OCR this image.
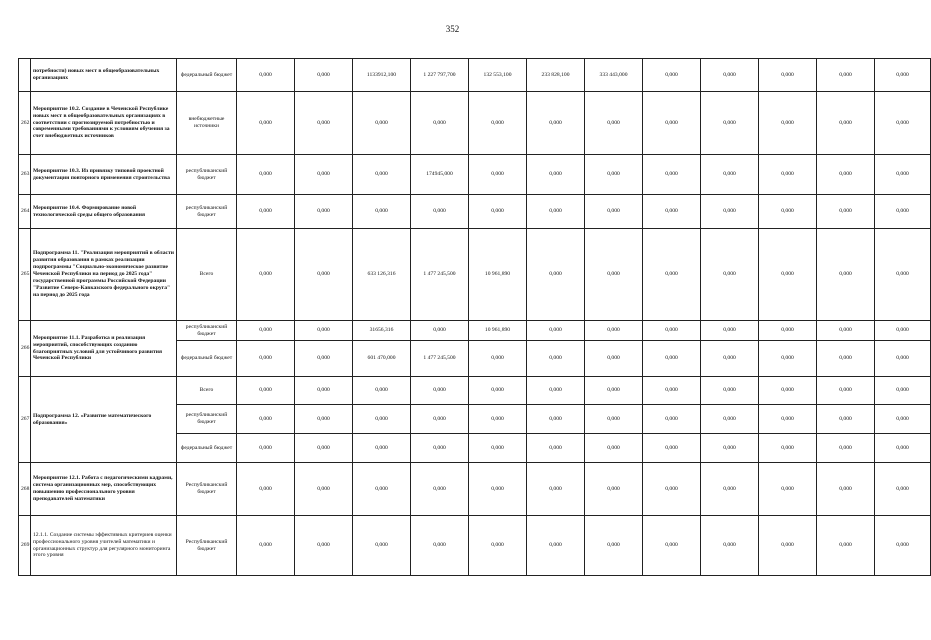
352
	потребности) новых мест в общеобразовательных организациях	федеральный бюджет	0,000	0,000	1133912,100	1 227 797,700	132 553,100	233 828,100	333 443,000	0,000	0,000	0,000	0,000	0,000
262	Мероприятие 10.2. Создание в Чеченской Республике новых мест в общеобразовательных организациях в соответствии с прогнозируемой потребностью и современными требованиями к условиям обучения за счет внебюджетных источников	внебюджетные источники	0,000	0,000	0,000	0,000	0,000	0,000	0,000	0,000	0,000	0,000	0,000	0,000
263	Мероприятие 10.3. Из привязку типовой проектной документации повторного применения строительства	республиканский бюджет	0,000	0,000	0,000	174945,000	0,000	0,000	0,000	0,000	0,000	0,000	0,000	0,000
264	Мероприятие 10.4. Формирование новой технологической среды общего образования	республиканский бюджет	0,000	0,000	0,000	0,000	0,000	0,000	0,000	0,000	0,000	0,000	0,000	0,000
265	Подпрограмма 11. "Реализация мероприятий в области развития образования в рамках реализации подпрограммы "Социально-экономическое развитие Чеченской Республики на период до 2025 года" государственной программы Российской Федерации "Развитие Северо-Кавказского федерального округа" на период до 2025 года	Всего	0,000	0,000	633 126,316	1 477 245,500	10 961,890	0,000	0,000	0,000	0,000	0,000	0,000	0,000
266	Мероприятие 11.1. Разработка и реализация мероприятий, способствующих созданию благоприятных условий для устойчивого развития Чеченской Республики	республиканский бюджет	0,000	0,000	31656,316	0,000	10 961,890	0,000	0,000	0,000	0,000	0,000	0,000	0,000
		федеральный бюджет	0,000	0,000	601 470,000	1 477 245,500	0,000	0,000	0,000	0,000	0,000	0,000	0,000	0,000
267	Подпрограмма 12. «Развитие математического образования»	Всего	0,000	0,000	0,000	0,000	0,000	0,000	0,000	0,000	0,000	0,000	0,000	0,000
		республиканский бюджет	0,000	0,000	0,000	0,000	0,000	0,000	0,000	0,000	0,000	0,000	0,000	0,000
		федеральный бюджет	0,000	0,000	0,000	0,000	0,000	0,000	0,000	0,000	0,000	0,000	0,000	0,000
268	Мероприятие 12.1. Работа с педагогическими кадрами, система организационных мер, способствующих повышению профессионального уровня преподавателей математики	Республиканский бюджет	0,000	0,000	0,000	0,000	0,000	0,000	0,000	0,000	0,000	0,000	0,000	0,000
269	12.1.1. Создание системы эффективных критериев оценки профессионального уровня учителей математики и организационных структур для регулярного мониторинга этого уровня	Республиканский бюджет	0,000	0,000	0,000	0,000	0,000	0,000	0,000	0,000	0,000	0,000	0,000	0,000
